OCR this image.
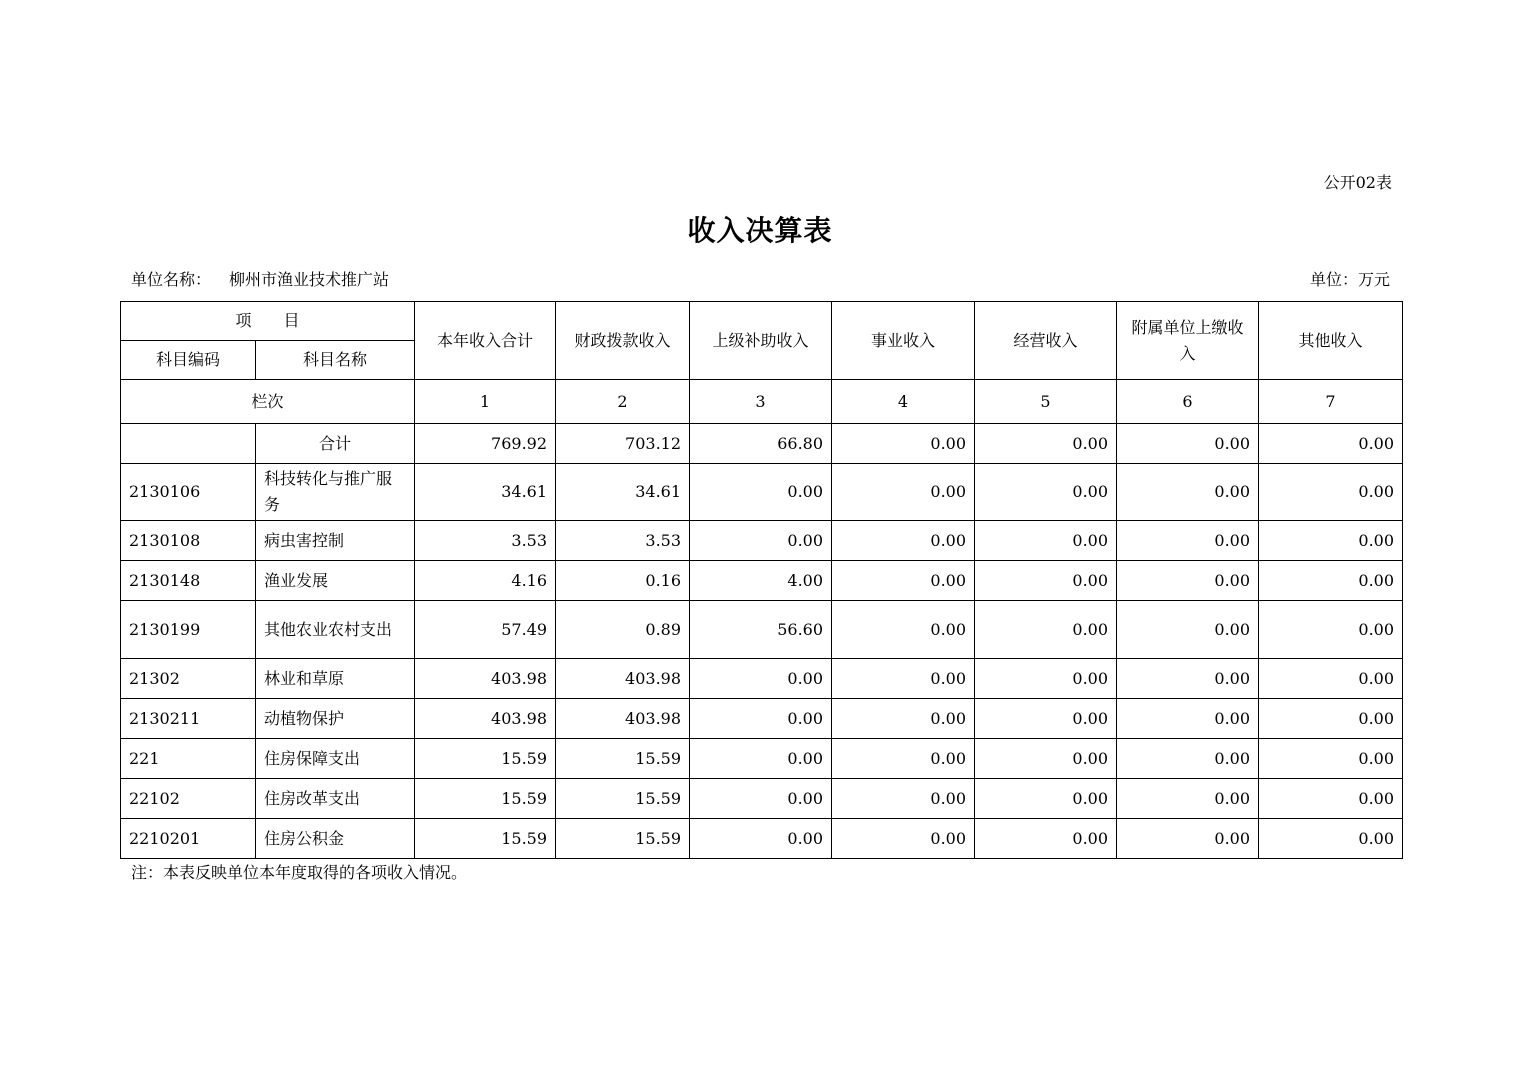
公开02表
收入决算表
单位名称： 柳州市渔业技术推广站	单位：万元
项　　目		本年收入合计	财政拨款收入	上级补助收入	事业收入	经营收入	附属单位上缴收入	其他收入
科目编码	科目名称							
栏次		1	2	3	4	5	6	7
	合计	769.92	703.12	66.80	0.00	0.00	0.00	0.00
2130106	科技转化与推广服务	34.61	34.61	0.00	0.00	0.00	0.00	0.00
2130108	病虫害控制	3.53	3.53	0.00	0.00	0.00	0.00	0.00
2130148	渔业发展	4.16	0.16	4.00	0.00	0.00	0.00	0.00
2130199	其他农业农村支出	57.49	0.89	56.60	0.00	0.00	0.00	0.00
21302	林业和草原	403.98	403.98	0.00	0.00	0.00	0.00	0.00
2130211	动植物保护	403.98	403.98	0.00	0.00	0.00	0.00	0.00
221	住房保障支出	15.59	15.59	0.00	0.00	0.00	0.00	0.00
22102	住房改革支出	15.59	15.59	0.00	0.00	0.00	0.00	0.00
2210201	住房公积金	15.59	15.59	0.00	0.00	0.00	0.00	0.00
注：本表反映单位本年度取得的各项收入情况。
